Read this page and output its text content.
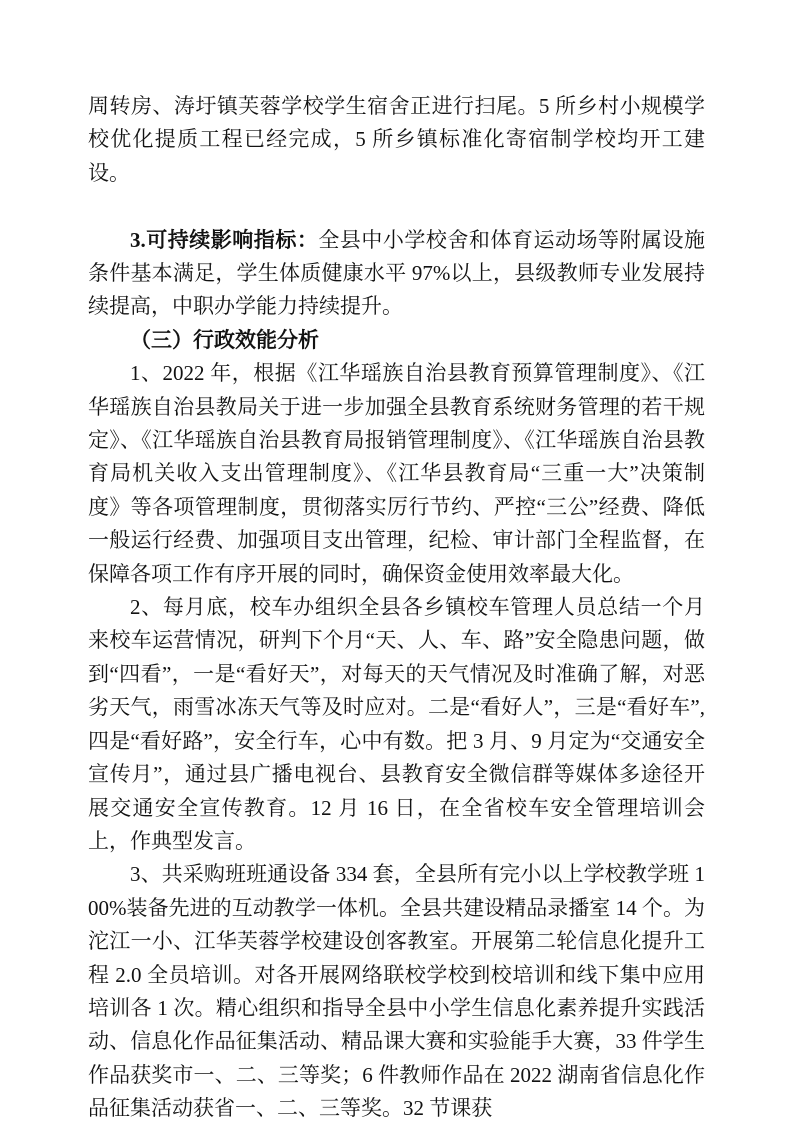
周转房、涛圩镇芙蓉学校学生宿舍正进行扫尾。5 所乡村小规模学校优化提质工程已经完成，5 所乡镇标准化寄宿制学校均开工建设。

3.可持续影响指标：全县中小学校舍和体育运动场等附属设施条件基本满足，学生体质健康水平 97%以上，县级教师专业发展持续提高，中职办学能力持续提升。

（三）行政效能分析

1、2022 年，根据《江华瑶族自治县教育预算管理制度》、《江华瑶族自治县教局关于进一步加强全县教育系统财务管理的若干规定》、《江华瑶族自治县教育局报销管理制度》、《江华瑶族自治县教育局机关收入支出管理制度》、《江华县教育局“三重一大”决策制度》等各项管理制度，贯彻落实厉行节约、严控“三公”经费、降低一般运行经费、加强项目支出管理，纪检、审计部门全程监督，在保障各项工作有序开展的同时，确保资金使用效率最大化。

2、每月底，校车办组织全县各乡镇校车管理人员总结一个月来校车运营情况，研判下个月“天、人、车、路”安全隐患问题，做到“四看”，一是“看好天”，对每天的天气情况及时准确了解，对恶劣天气，雨雪冰冻天气等及时应对。二是“看好人”，三是“看好车”,四是“看好路”，安全行车，心中有数。把 3 月、9 月定为“交通安全宣传月”，通过县广播电视台、县教育安全微信群等媒体多途径开展交通安全宣传教育。12 月 16 日，在全省校车安全管理培训会上，作典型发言。

3、共采购班班通设备 334 套，全县所有完小以上学校教学班 100%装备先进的互动教学一体机。全县共建设精品录播室 14 个。为沱江一小、江华芙蓉学校建设创客教室。开展第二轮信息化提升工程 2.0 全员培训。对各开展网络联校学校到校培训和线下集中应用培训各 1 次。精心组织和指导全县中小学生信息化素养提升实践活动、信息化作品征集活动、精品课大赛和实验能手大赛，33 件学生作品获奖市一、二、三等奖；6 件教师作品在 2022 湖南省信息化作品征集活动获省一、二、三等奖。32 节课获
